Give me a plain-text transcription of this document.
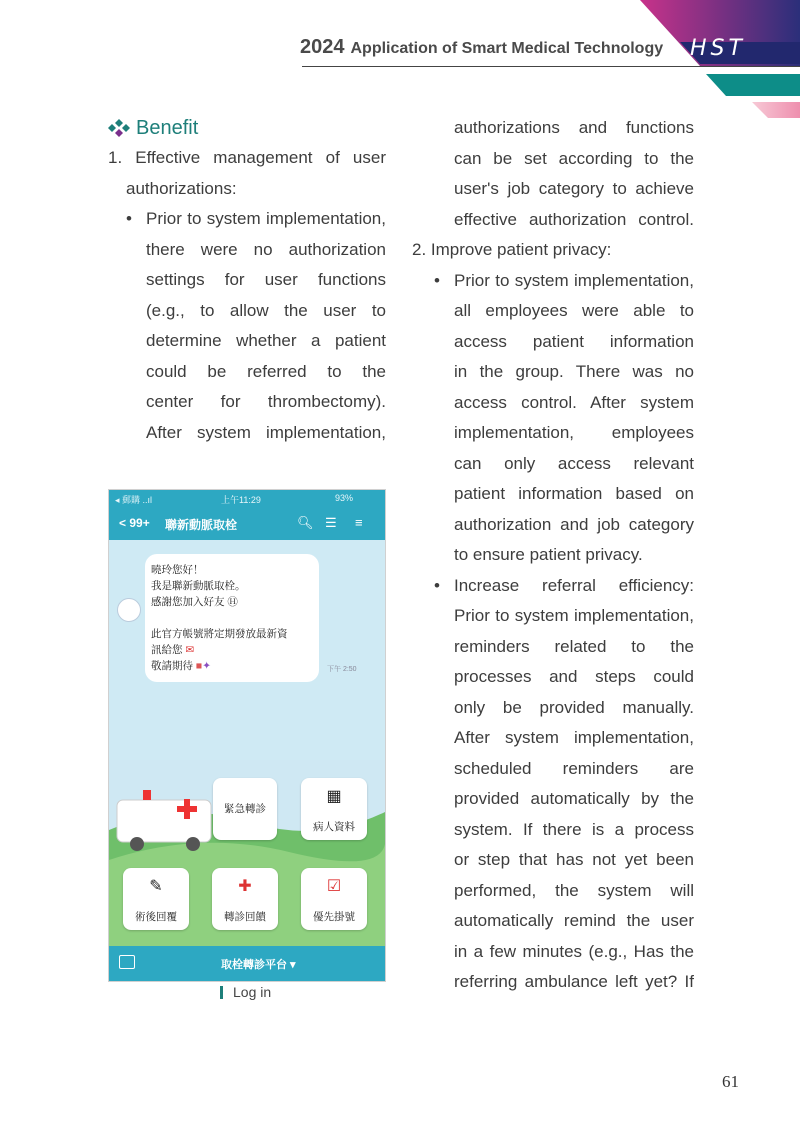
HST
2024 Application of Smart Medical Technology
Benefit
1. Effective management of user
authorizations:
• Prior to system implementation,
there were no authorization
settings for user functions
(e.g., to allow the user to
determine whether a patient
could be referred to the
center for thrombectomy).
After system implementation,
◂ 郵購 ..ıl	上午11:29	93%
< 99+ 聯新動脈取栓	🔍︎ ☰ ≡
曉玲您好！
我是聯新動脈取栓。
感謝您加入好友 Ⓗ

此官方帳號將定期發放最新資
訊給您 ✉
敬請期待 ■✦	下午 2:50
緊急轉診
▦
病人資料
✎
術後回覆
✚
轉診回饋
☑
優先掛號
取栓轉診平台 ▾
Log in
authorizations and functions
can be set according to the
user's job category to achieve
effective authorization control.
2. Improve patient privacy:
• Prior to system implementation,
all employees were able to
access patient information
in the group. There was no
access control. After system
implementation, employees
can only access relevant
patient information based on
authorization and job category
to ensure patient privacy.
• Increase referral efficiency:
Prior to system implementation,
reminders related to the
processes and steps could
only be provided manually.
After system implementation,
scheduled reminders are
provided automatically by the
system. If there is a process
or step that has not yet been
performed, the system will
automatically remind the user
in a few minutes (e.g., Has the
referring ambulance left yet? If
61
